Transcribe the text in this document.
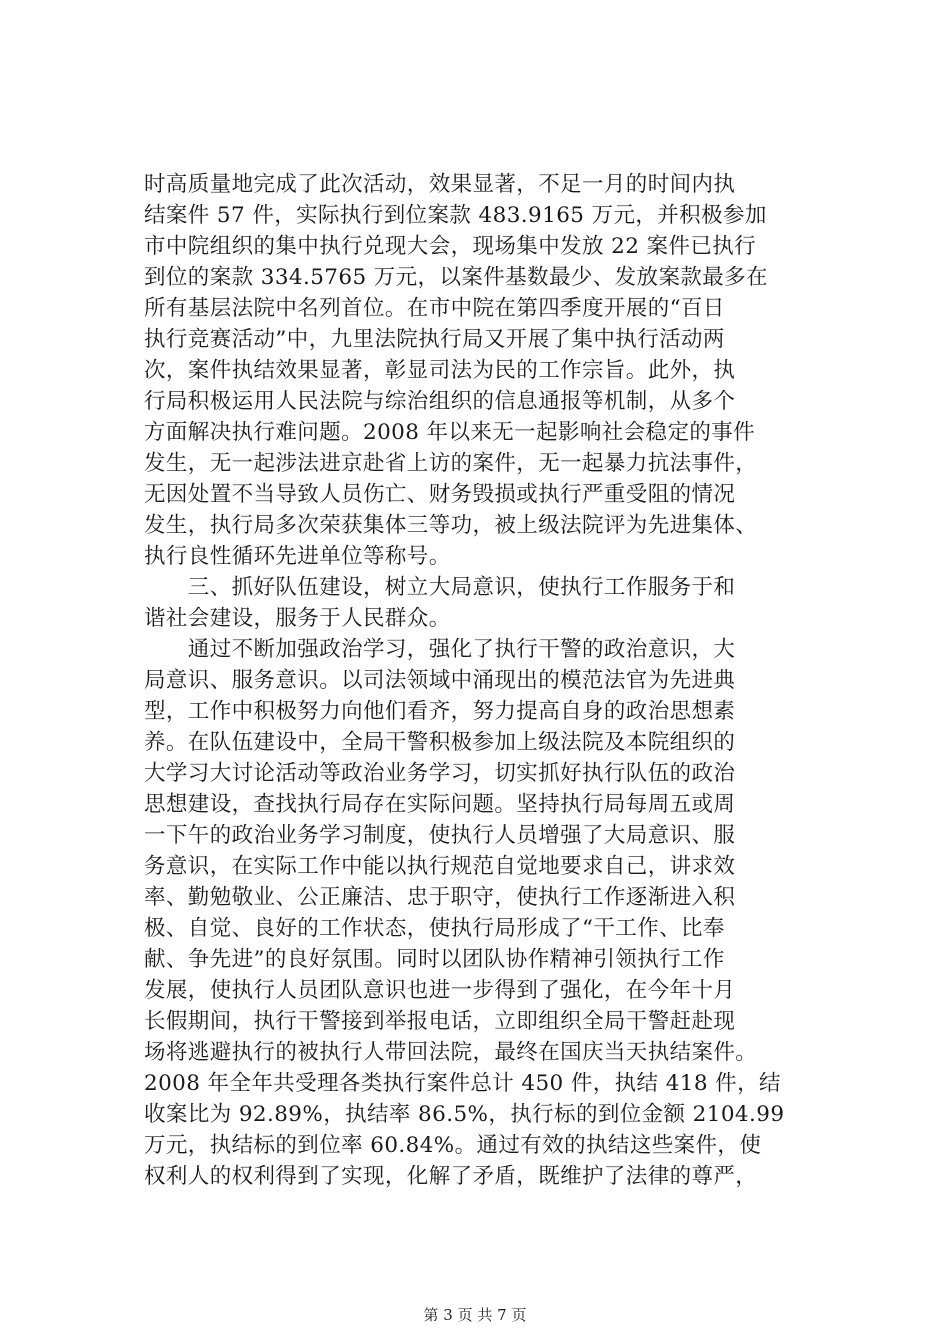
时高质量地完成了此次活动，效果显著，不足一月的时间内执
结案件 57 件，实际执行到位案款 483.9165 万元，并积极参加
市中院组织的集中执行兑现大会，现场集中发放 22 案件已执行
到位的案款 334.5765 万元，以案件基数最少、发放案款最多在
所有基层法院中名列首位。在市中院在第四季度开展的“百日
执行竞赛活动”中，九里法院执行局又开展了集中执行活动两
次，案件执结效果显著，彰显司法为民的工作宗旨。此外，执
行局积极运用人民法院与综治组织的信息通报等机制，从多个
方面解决执行难问题。2008 年以来无一起影响社会稳定的事件
发生，无一起涉法进京赴省上访的案件，无一起暴力抗法事件，
无因处置不当导致人员伤亡、财务毁损或执行严重受阻的情况
发生，执行局多次荣获集体三等功，被上级法院评为先进集体、
执行良性循环先进单位等称号。
　　三、抓好队伍建设，树立大局意识，使执行工作服务于和
谐社会建设，服务于人民群众。
　　通过不断加强政治学习，强化了执行干警的政治意识，大
局意识、服务意识。以司法领域中涌现出的模范法官为先进典
型，工作中积极努力向他们看齐，努力提高自身的政治思想素
养。在队伍建设中，全局干警积极参加上级法院及本院组织的
大学习大讨论活动等政治业务学习，切实抓好执行队伍的政治
思想建设，查找执行局存在实际问题。坚持执行局每周五或周
一下午的政治业务学习制度，使执行人员增强了大局意识、服
务意识，在实际工作中能以执行规范自觉地要求自己，讲求效
率、勤勉敬业、公正廉洁、忠于职守，使执行工作逐渐进入积
极、自觉、良好的工作状态，使执行局形成了“干工作、比奉
献、争先进”的良好氛围。同时以团队协作精神引领执行工作
发展，使执行人员团队意识也进一步得到了强化，在今年十月
长假期间，执行干警接到举报电话，立即组织全局干警赶赴现
场将逃避执行的被执行人带回法院，最终在国庆当天执结案件。
2008 年全年共受理各类执行案件总计 450 件，执结 418 件，结
收案比为 92.89%，执结率 86.5%，执行标的到位金额 2104.99
万元，执结标的到位率 60.84%。通过有效的执结这些案件，使
权利人的权利得到了实现，化解了矛盾，既维护了法律的尊严，
第 3 页 共 7 页
